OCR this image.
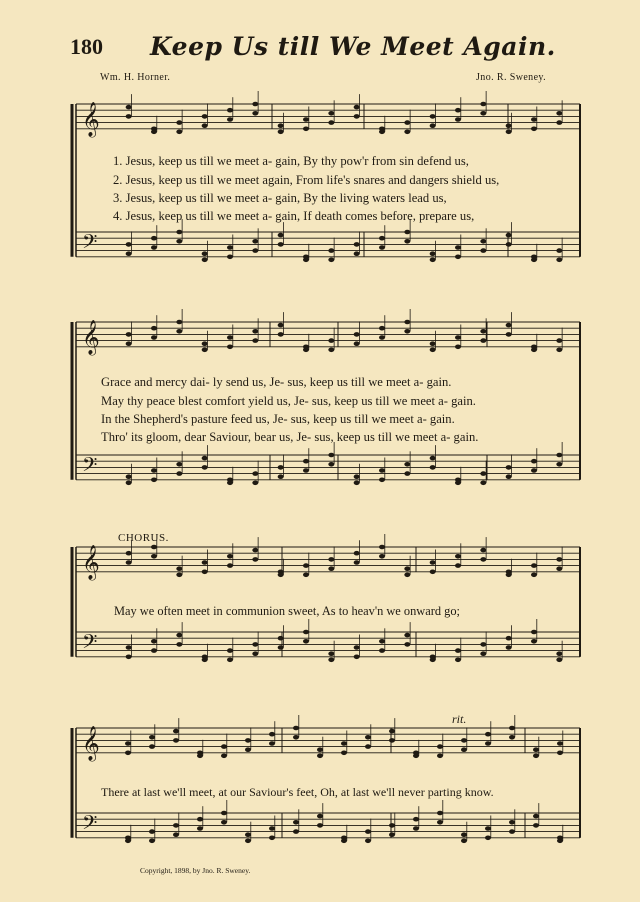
180 Keep Us till We Meet Again.
Wm. H. Horner.	Jno. R. Sweney.
𝄞
𝄢
𝄞
𝄢
𝄞
𝄢
𝄞
𝄢
1. Jesus, keep us till we meet a- gain, By thy pow'r from sin defend us,
2. Jesus, keep us till we meet again, From life's snares and dangers shield us,
3. Jesus, keep us till we meet a- gain, By the living waters lead us,
4. Jesus, keep us till we meet a- gain, If death comes before, prepare us,
Grace and mercy dai- ly send us, Je- sus, keep us till we meet a- gain.
May thy peace blest comfort yield us, Je- sus, keep us till we meet a- gain.
In the Shepherd's pasture feed us, Je- sus, keep us till we meet a- gain.
Thro' its gloom, dear Saviour, bear us, Je- sus, keep us till we meet a- gain.
CHORUS.
May we often meet in communion sweet, As to heav'n we onward go;
rit.
There at last we'll meet, at our Saviour's feet, Oh, at last we'll never parting know.
Copyright, 1898, by Jno. R. Sweney.
